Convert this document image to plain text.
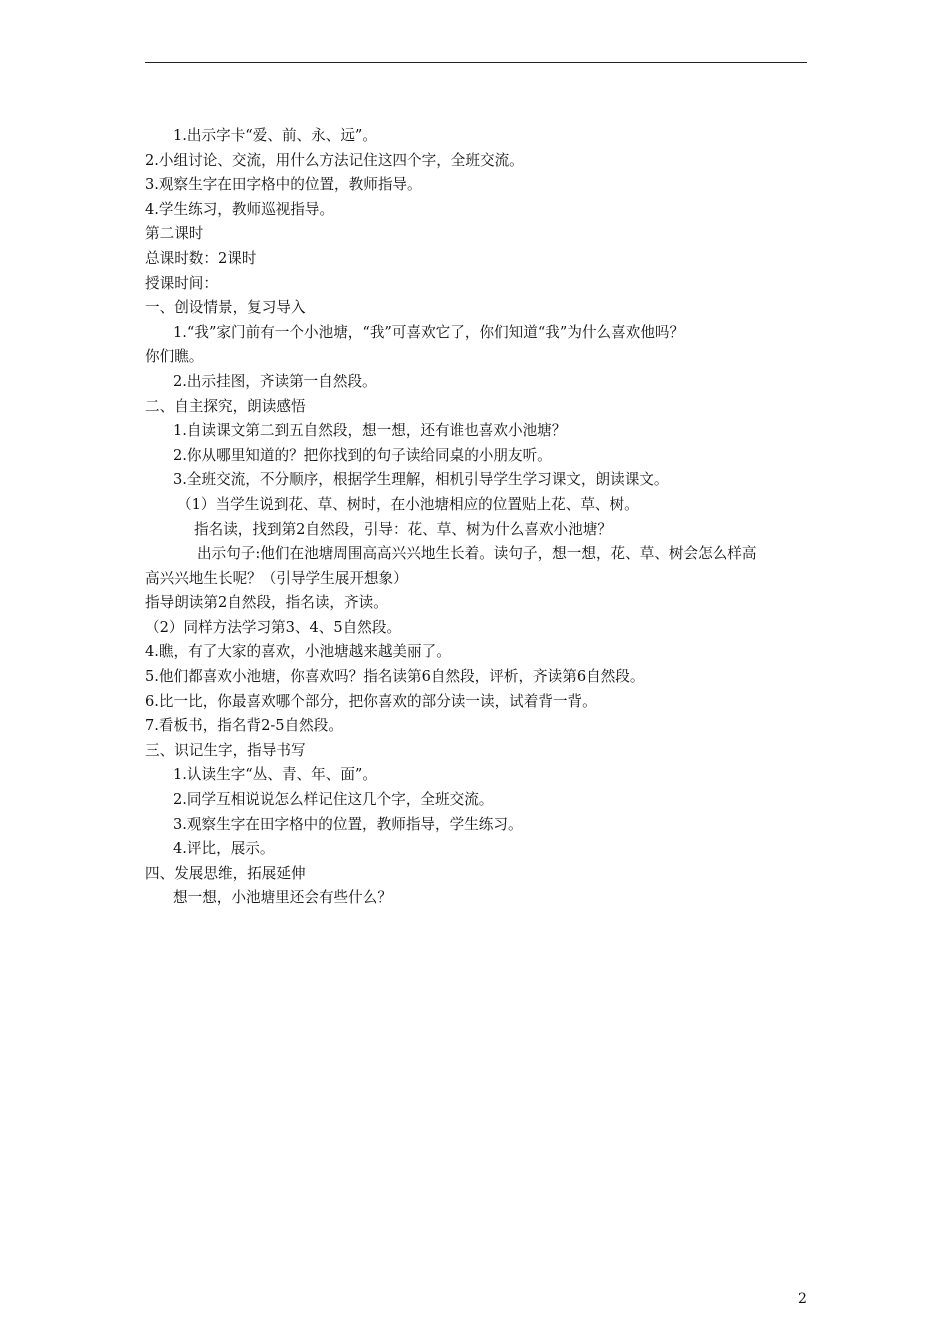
1.出示字卡“爱、前、永、远”。
2.小组讨论、交流，用什么方法记住这四个字，全班交流。
3.观察生字在田字格中的位置，教师指导。
4.学生练习，教师巡视指导。
第二课时
总课时数：2课时
授课时间：
一、创设情景，复习导入
1.“我”家门前有一个小池塘，“我”可喜欢它了，你们知道“我”为什么喜欢他吗？
你们瞧。
2.出示挂图，齐读第一自然段。
二、自主探究，朗读感悟
1.自读课文第二到五自然段，想一想，还有谁也喜欢小池塘？
2.你从哪里知道的？把你找到的句子读给同桌的小朋友听。
3.全班交流，不分顺序，根据学生理解，相机引导学生学习课文，朗读课文。
（1）当学生说到花、草、树时，在小池塘相应的位置贴上花、草、树。
指名读，找到第2自然段，引导：花、草、树为什么喜欢小池塘？
出示句子:他们在池塘周围高高兴兴地生长着。读句子，想一想，花、草、树会怎么样高
高兴兴地生长呢？（引导学生展开想象）
指导朗读第2自然段，指名读，齐读。
（2）同样方法学习第3、4、5自然段。
4.瞧，有了大家的喜欢，小池塘越来越美丽了。
5.他们都喜欢小池塘，你喜欢吗？指名读第6自然段，评析，齐读第6自然段。
6.比一比，你最喜欢哪个部分，把你喜欢的部分读一读，试着背一背。
7.看板书，指名背2-5自然段。
三、识记生字，指导书写
1.认读生字“丛、青、年、面”。
2.同学互相说说怎么样记住这几个字，全班交流。
3.观察生字在田字格中的位置，教师指导，学生练习。
4.评比，展示。
四、发展思维，拓展延伸
想一想，小池塘里还会有些什么？
2
